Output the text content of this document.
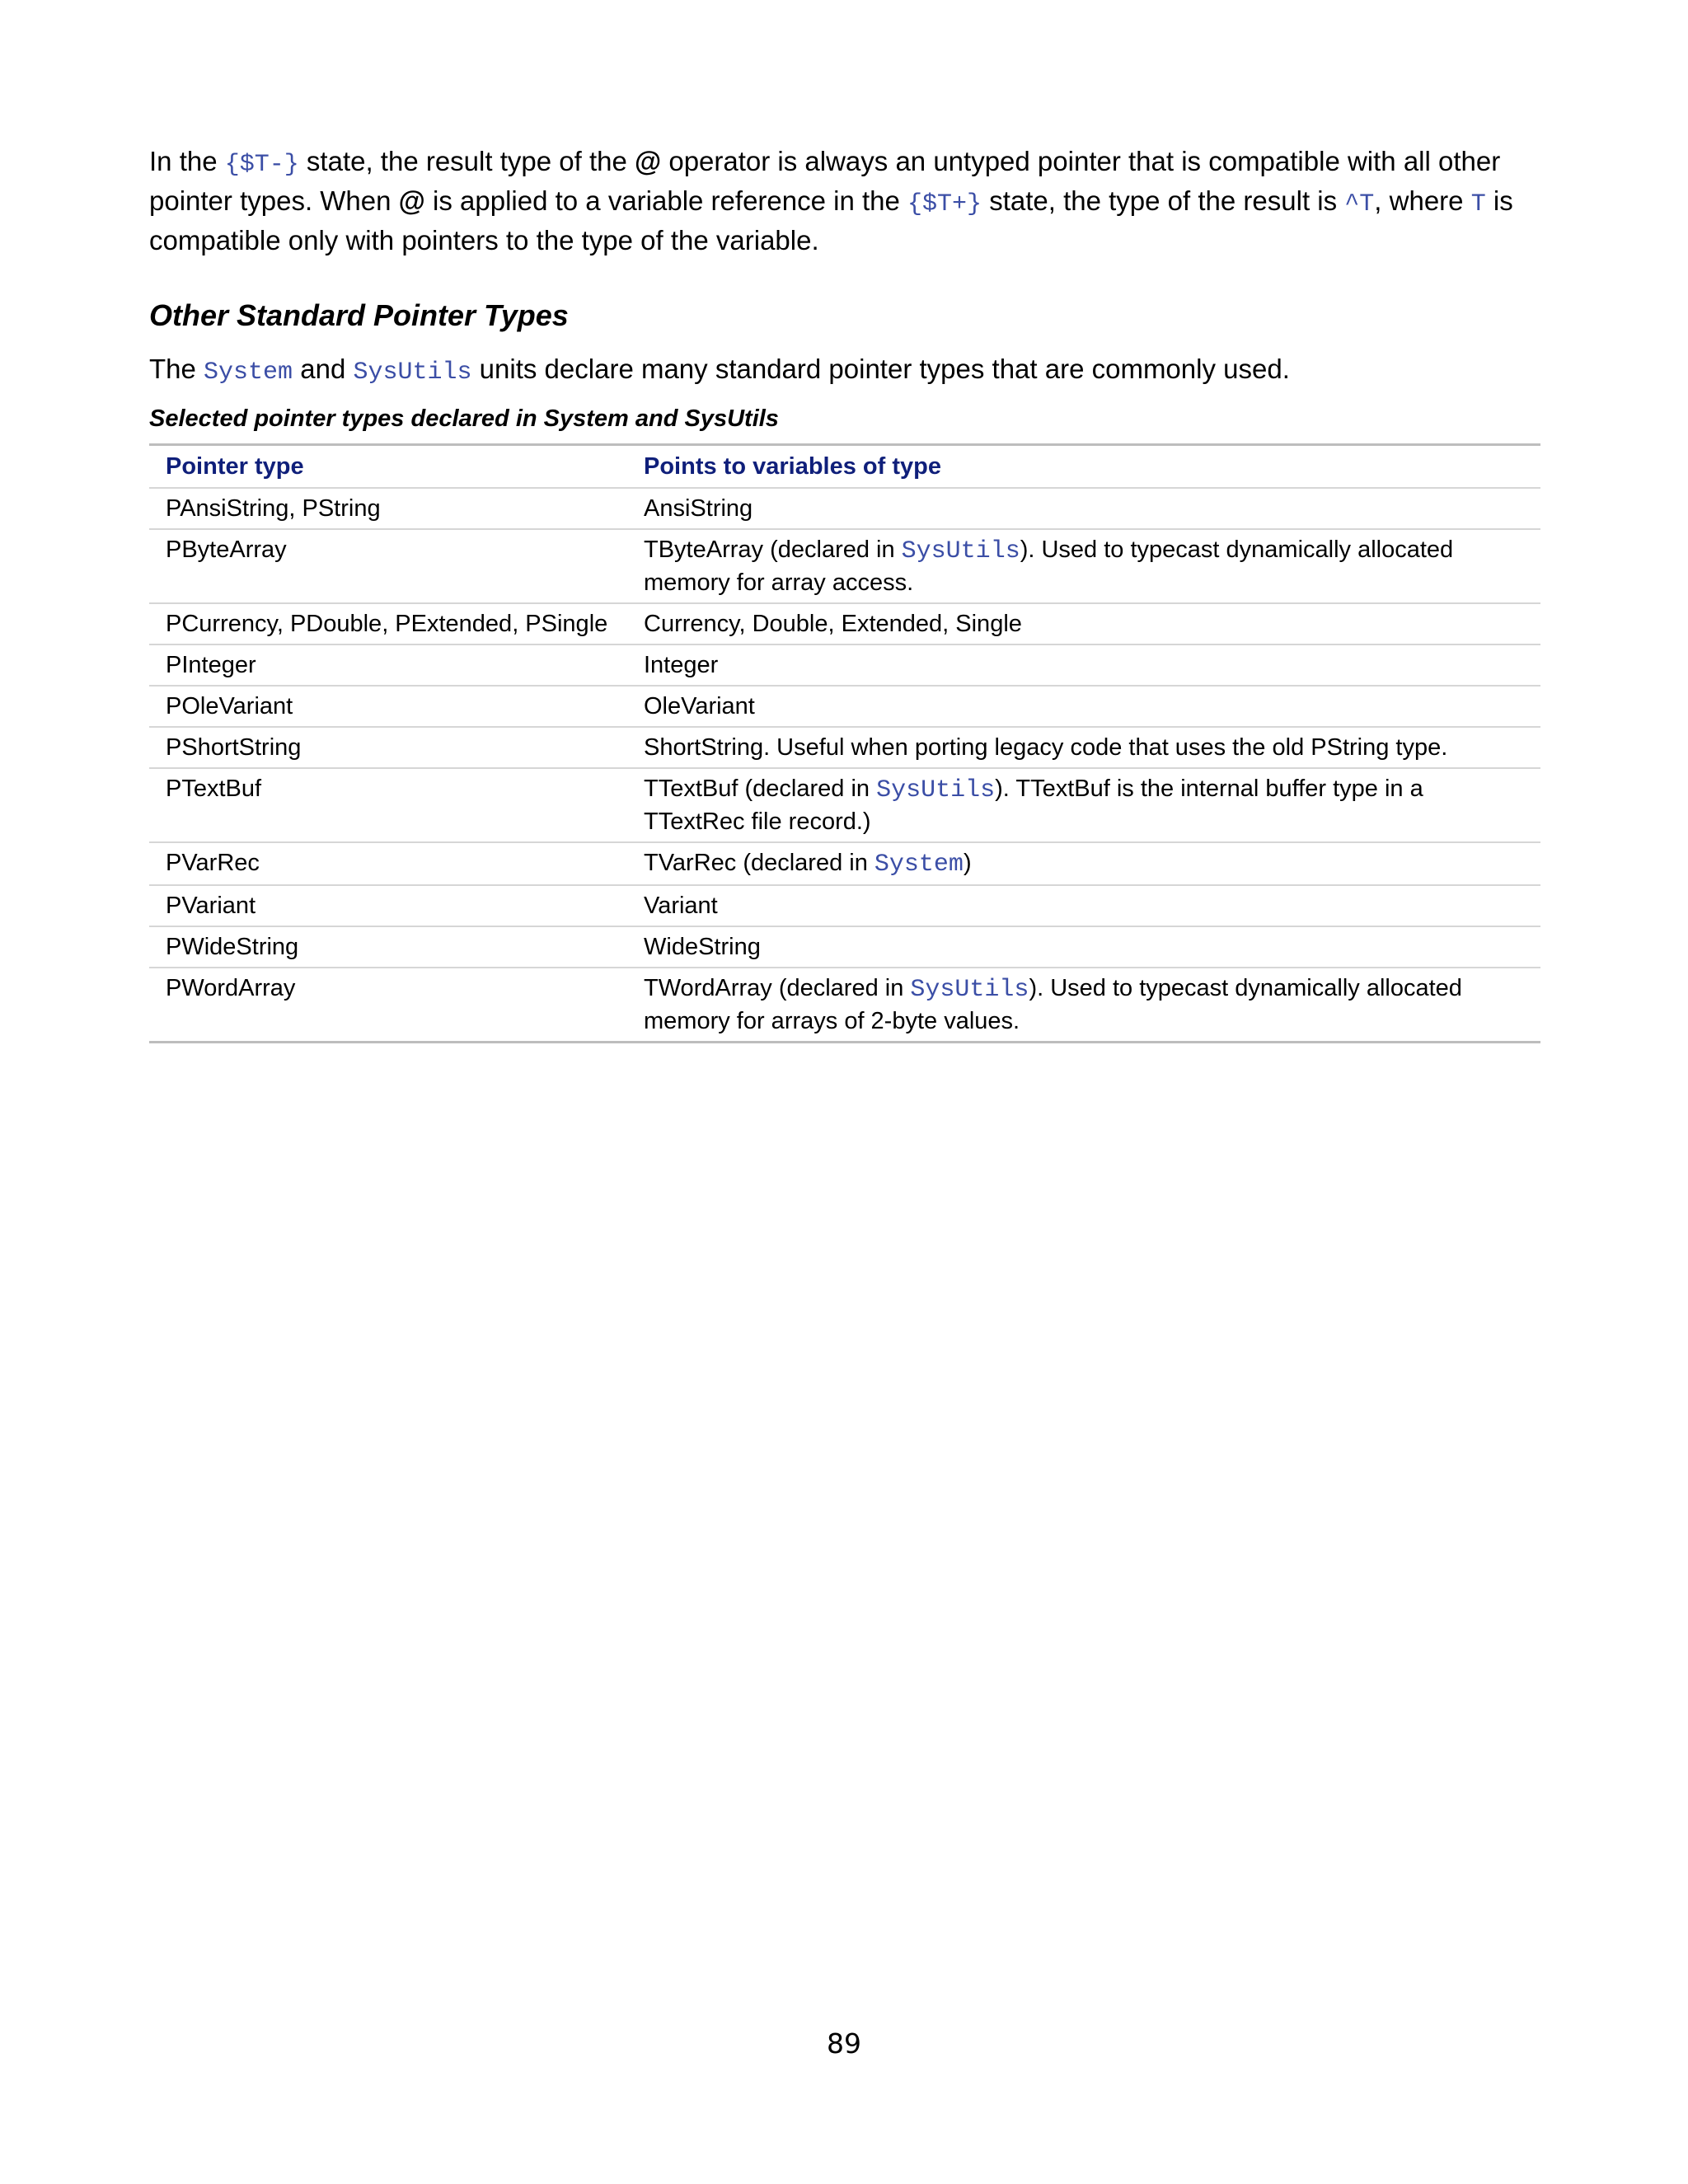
In the {$T-} state, the result type of the @ operator is always an untyped pointer that is compatible with all other pointer types. When @ is applied to a variable reference in the {$T+} state, the type of the result is ^T, where T is compatible only with pointers to the type of the variable.

Other Standard Pointer Types

The System and SysUtils units declare many standard pointer types that are commonly used.

Selected pointer types declared in System and SysUtils

Pointer type	Points to variables of type
PAnsiString, PString	AnsiString
PByteArray	TByteArray (declared in SysUtils). Used to typecast dynamically allocated memory for array access.
PCurrency, PDouble, PExtended, PSingle	Currency, Double, Extended, Single
PInteger	Integer
POleVariant	OleVariant
PShortString	ShortString. Useful when porting legacy code that uses the old PString type.
PTextBuf	TTextBuf (declared in SysUtils). TTextBuf is the internal buffer type in a TTextRec file record.)
PVarRec	TVarRec (declared in System)
PVariant	Variant
PWideString	WideString
PWordArray	TWordArray (declared in SysUtils). Used to typecast dynamically allocated memory for arrays of 2-byte values.
89
